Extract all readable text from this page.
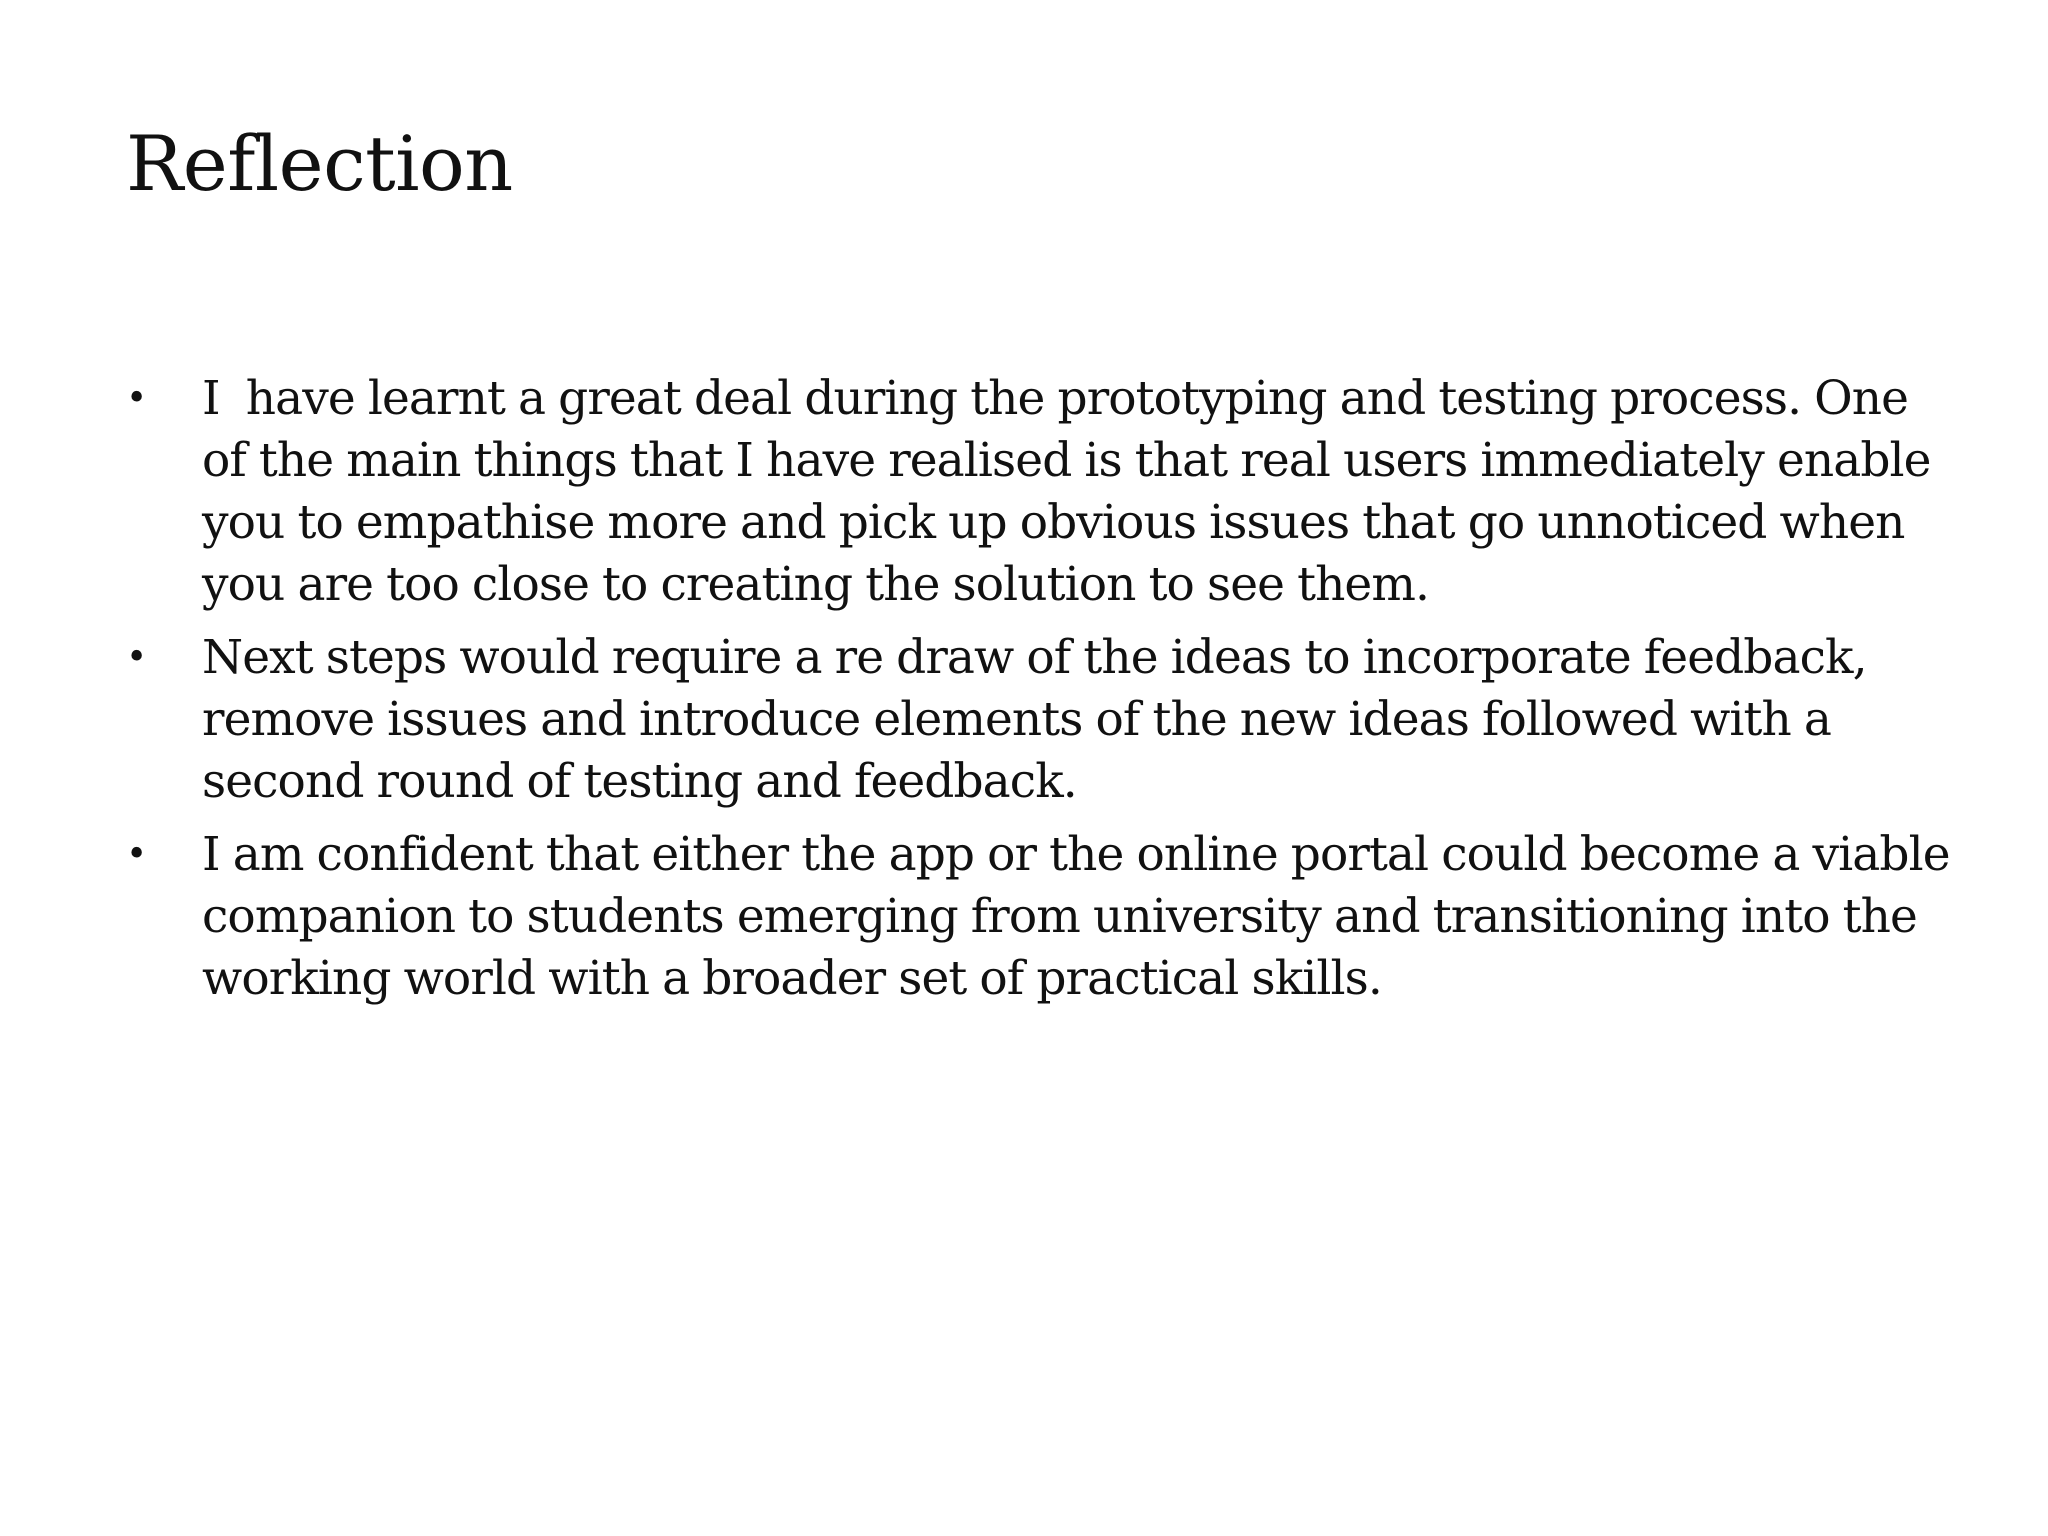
Reflection
• I  have learnt a great deal during the prototyping and testing process. One of the main things that I have realised is that real users immediately enable you to empathise more and pick up obvious issues that go unnoticed when you are too close to creating the solution to see them.
• Next steps would require a re draw of the ideas to incorporate feedback, remove issues and introduce elements of the new ideas followed with a second round of testing and feedback.
• I am confident that either the app or the online portal could become a viable companion to students emerging from university and transitioning into the working world with a broader set of practical skills.
